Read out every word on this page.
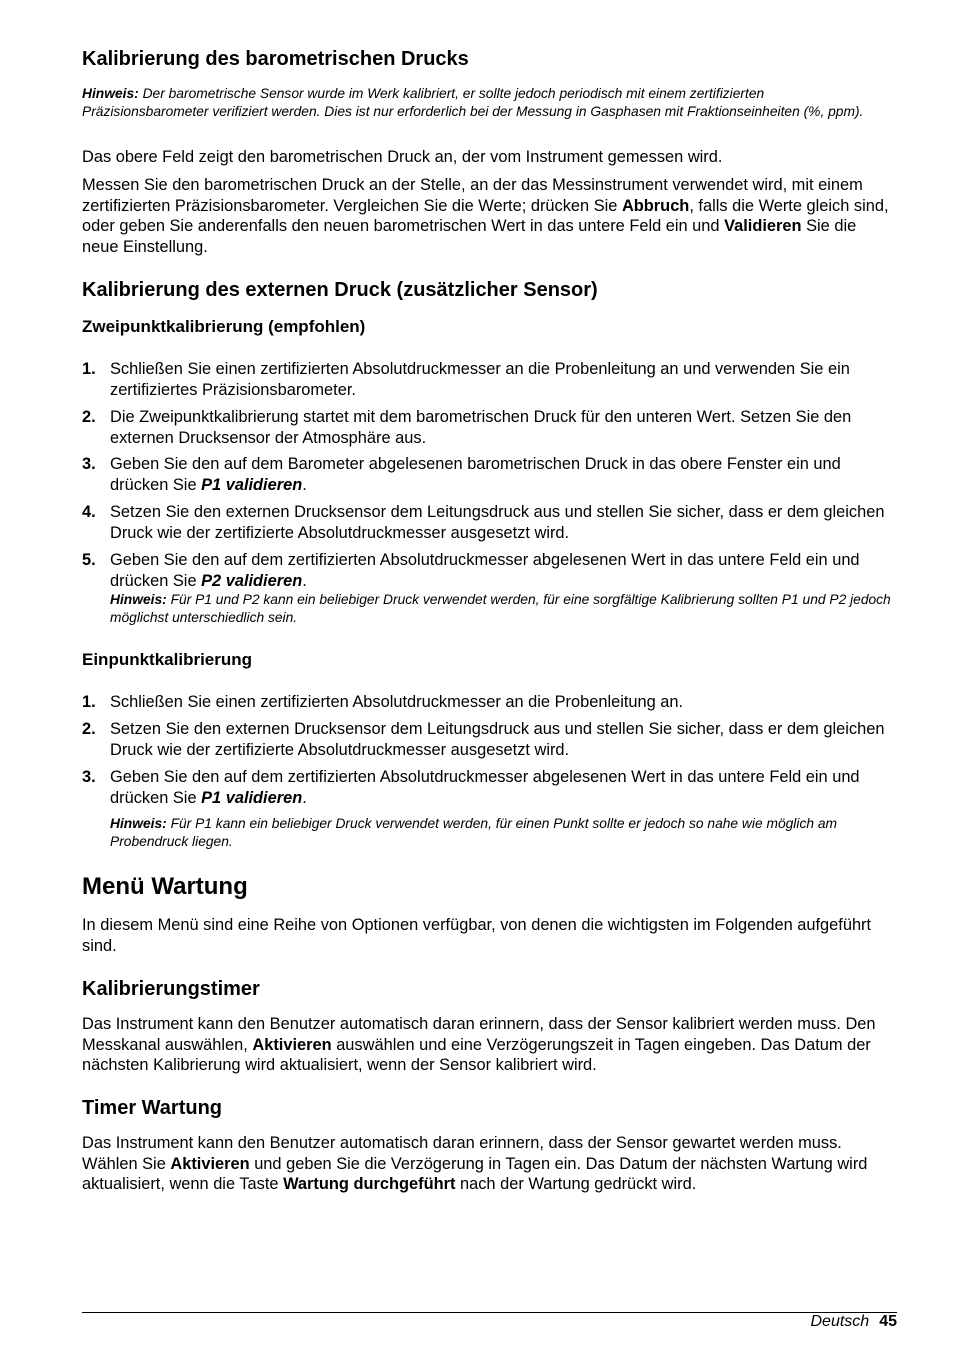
Kalibrierung des barometrischen Drucks

Hinweis: Der barometrische Sensor wurde im Werk kalibriert, er sollte jedoch periodisch mit einem zertifizierten Präzisionsbarometer verifiziert werden. Dies ist nur erforderlich bei der Messung in Gasphasen mit Fraktionseinheiten (%, ppm).

Das obere Feld zeigt den barometrischen Druck an, der vom Instrument gemessen wird.

Messen Sie den barometrischen Druck an der Stelle, an der das Messinstrument verwendet wird, mit einem zertifizierten Präzisionsbarometer. Vergleichen Sie die Werte; drücken Sie Abbruch, falls die Werte gleich sind, oder geben Sie anderenfalls den neuen barometrischen Wert in das untere Feld ein und Validieren Sie die neue Einstellung.

Kalibrierung des externen Druck (zusätzlicher Sensor)
Zweipunktkalibrierung (empfohlen)
1. Schließen Sie einen zertifizierten Absolutdruckmesser an die Probenleitung an und verwenden Sie ein zertifiziertes Präzisionsbarometer.
2. Die Zweipunktkalibrierung startet mit dem barometrischen Druck für den unteren Wert. Setzen Sie den externen Drucksensor der Atmosphäre aus.
3. Geben Sie den auf dem Barometer abgelesenen barometrischen Druck in das obere Fenster ein und drücken Sie P1 validieren.
4. Setzen Sie den externen Drucksensor dem Leitungsdruck aus und stellen Sie sicher, dass er dem gleichen Druck wie der zertifizierte Absolutdruckmesser ausgesetzt wird.
5. Geben Sie den auf dem zertifizierten Absolutdruckmesser abgelesenen Wert in das untere Feld ein und drücken Sie P2 validieren.
Hinweis: Für P1 und P2 kann ein beliebiger Druck verwendet werden, für eine sorgfältige Kalibrierung sollten P1 und P2 jedoch möglichst unterschiedlich sein.
Einpunktkalibrierung
1. Schließen Sie einen zertifizierten Absolutdruckmesser an die Probenleitung an.
2. Setzen Sie den externen Drucksensor dem Leitungsdruck aus und stellen Sie sicher, dass er dem gleichen Druck wie der zertifizierte Absolutdruckmesser ausgesetzt wird.
3. Geben Sie den auf dem zertifizierten Absolutdruckmesser abgelesenen Wert in das untere Feld ein und drücken Sie P1 validieren.

Hinweis: Für P1 kann ein beliebiger Druck verwendet werden, für einen Punkt sollte er jedoch so nahe wie möglich am Probendruck liegen.

Menü Wartung

In diesem Menü sind eine Reihe von Optionen verfügbar, von denen die wichtigsten im Folgenden aufgeführt sind.

Kalibrierungstimer

Das Instrument kann den Benutzer automatisch daran erinnern, dass der Sensor kalibriert werden muss. Den Messkanal auswählen, Aktivieren auswählen und eine Verzögerungszeit in Tagen eingeben. Das Datum der nächsten Kalibrierung wird aktualisiert, wenn der Sensor kalibriert wird.

Timer Wartung

Das Instrument kann den Benutzer automatisch daran erinnern, dass der Sensor gewartet werden muss. Wählen Sie Aktivieren und geben Sie die Verzögerung in Tagen ein. Das Datum der nächsten Wartung wird aktualisiert, wenn die Taste Wartung durchgeführt nach der Wartung gedrückt wird.

Deutsch 45
